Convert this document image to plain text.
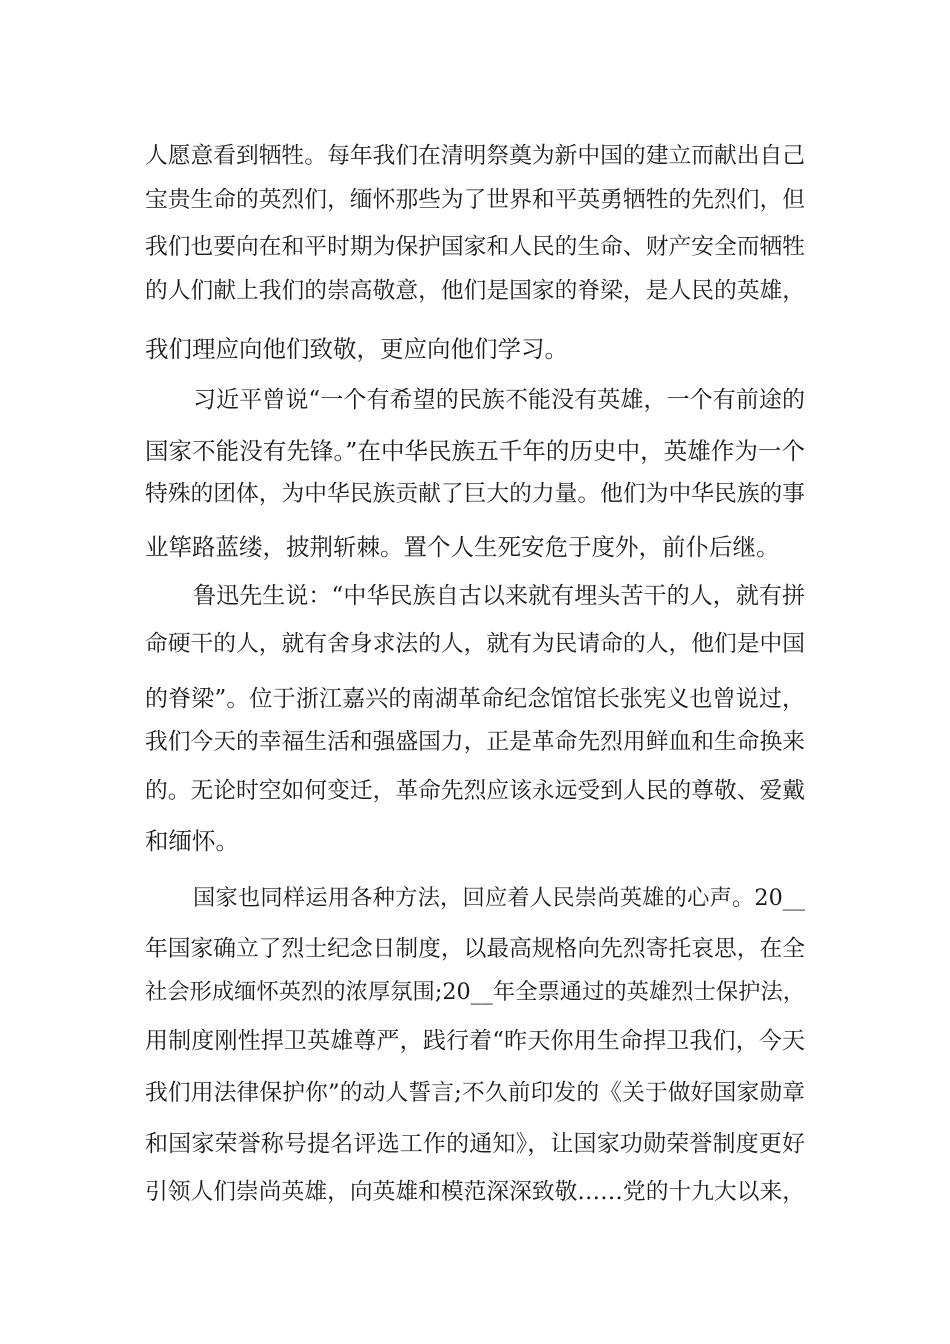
人愿意看到牺牲。每年我们在清明祭奠为新中国的建立而献出自己
宝贵生命的英烈们，缅怀那些为了世界和平英勇牺牲的先烈们，但
我们也要向在和平时期为保护国家和人民的生命、财产安全而牺牲
的人们献上我们的崇高敬意，他们是国家的脊梁，是人民的英雄，
我们理应向他们致敬，更应向他们学习。
习近平曾说“一个有希望的民族不能没有英雄，一个有前途的
国家不能没有先锋。”在中华民族五千年的历史中，英雄作为一个
特殊的团体，为中华民族贡献了巨大的力量。他们为中华民族的事
业筚路蓝缕，披荆斩棘。置个人生死安危于度外，前仆后继。
鲁迅先生说：“中华民族自古以来就有埋头苦干的人，就有拼
命硬干的人，就有舍身求法的人，就有为民请命的人，他们是中国
的脊梁”。位于浙江嘉兴的南湖革命纪念馆馆长张宪义也曾说过，
我们今天的幸福生活和强盛国力，正是革命先烈用鲜血和生命换来
的。无论时空如何变迁，革命先烈应该永远受到人民的尊敬、爱戴
和缅怀。
国家也同样运用各种方法，回应着人民崇尚英雄的心声。20__
年国家确立了烈士纪念日制度，以最高规格向先烈寄托哀思，在全
社会形成缅怀英烈的浓厚氛围;20__年全票通过的英雄烈士保护法，
用制度刚性捍卫英雄尊严，践行着“昨天你用生命捍卫我们，今天
我们用法律保护你”的动人誓言;不久前印发的《关于做好国家勋章
和国家荣誉称号提名评选工作的通知》，让国家功勋荣誉制度更好
引领人们崇尚英雄，向英雄和模范深深致敬……党的十九大以来，
